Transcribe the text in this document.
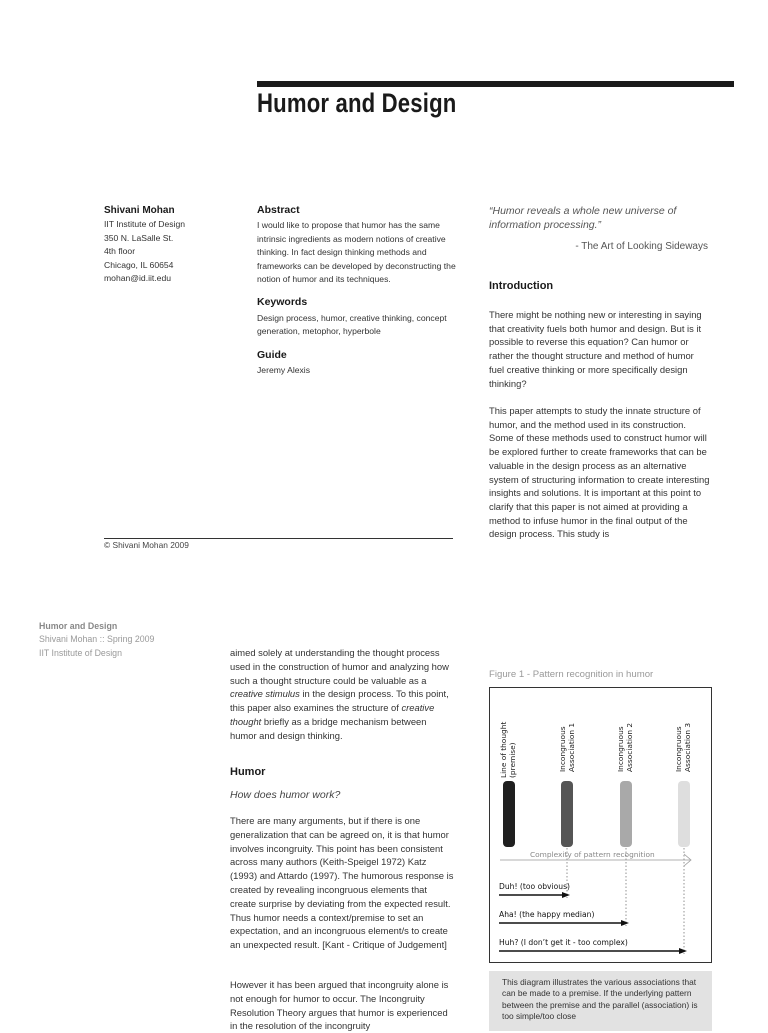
Humor and Design
Shivani Mohan
IIT Institute of Design
350 N. LaSalle St.
4th floor
Chicago, IL 60654
mohan@id.iit.edu
Abstract
I would like to propose that humor has the same intrinsic ingredients as modern notions of creative thinking. In fact design thinking methods and frameworks can be developed by deconstructing the notion of humor and its techniques.
Keywords
Design process, humor, creative thinking, concept generation, metophor, hyperbole
Guide
Jeremy Alexis
“Humor reveals a whole new universe of information processing.”
- The Art of Looking Sideways
Introduction

There might be nothing new or interesting in saying that creativity fuels both humor and design. But is it possible to reverse this equation? Can humor or rather the thought structure and method of humor fuel creative thinking or more specifically design thinking?

This paper attempts to study the innate structure of humor, and the method used in its construction. Some of these methods used to construct humor will be explored further to create frameworks that can be valuable in the design process as an alternative system of structuring information to create interesting insights and solutions. It is important at this point to clarify that this paper is not aimed at providing a method to infuse humor in the final output of the design process. This study is

© Shivani Mohan 2009
Humor and Design
Shivani Mohan :: Spring 2009
IIT Institute of Design	aimed solely at understanding the thought process used in the construction of humor and analyzing how such a thought structure could be valuable as a creative stimulus in the design process. To this point, this paper also examines the structure of creative thought briefly as a bridge mechanism between humor and design thinking.

Humor
How does humor work?

There are many arguments, but if there is one generalization that can be agreed on, it is that humor involves incongruity. This point has been consistent across many authors (Keith-Speigel 1972) Katz (1993) and Attardo (1997). The humorous response is created by revealing incongruous elements that create surprise by deviating from the expected result. Thus humor needs a context/premise to set an expectation, and an incongruous element/s to create an unexpected result. [Kant - Critique of Judgement]

However it has been argued that incongruity alone is not enough for humor to occur. The Incongruity Resolution Theory argues that humor is experienced in the resolution of the incongruity

Figure 1 - Pattern recognition in humor
Line of thought (premise)	Incongruous Association 1	Incongruous Association 2	Incongruous Association 3
Complexity of pattern recognition
Duh! (too obvious)
Aha! (the happy median)
Huh? (I don’t get it - too complex)
This diagram illustrates the various associations that can be made to a premise. If the underlying pattern between the premise and the parallel (association) is too simple/too close
